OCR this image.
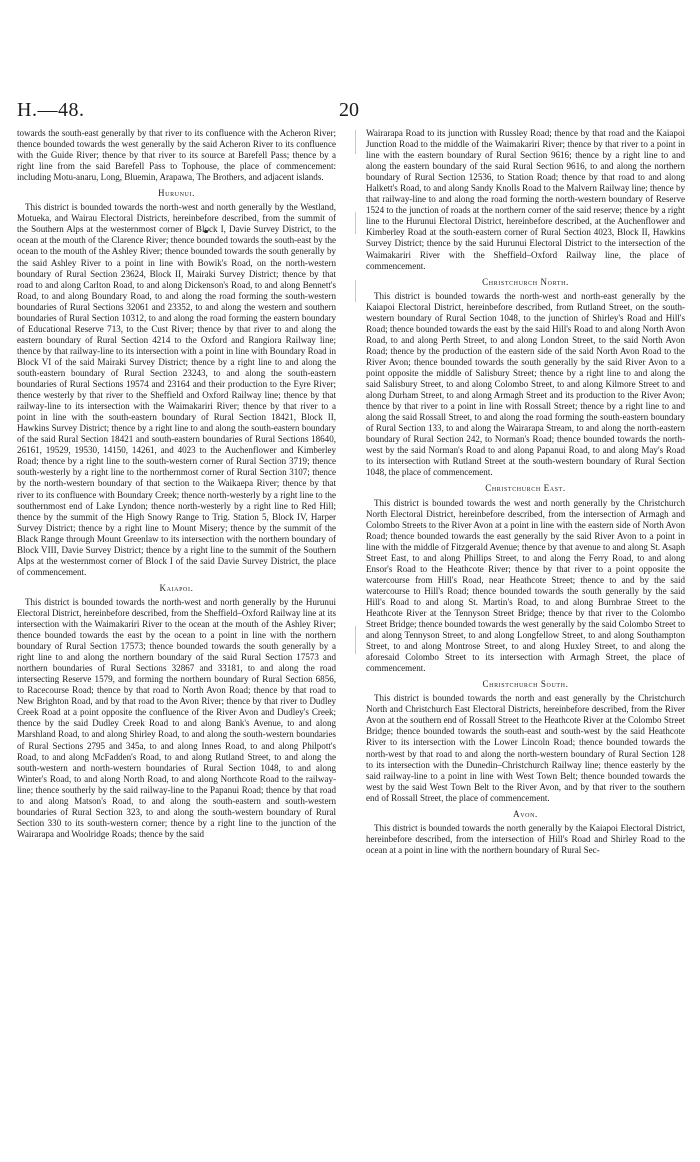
H.—48.	20

towards the south-east generally by that river to its confluence with the Acheron River; thence bounded towards the west generally by the said Acheron River to its confluence with the Guide River; thence by that river to its source at Barefell Pass; thence by a right line from the said Barefell Pass to Tophouse, the place of commencement: including Motu-anaru, Long, Bluemin, Arapawa, The Brothers, and adjacent islands.

Hurunui.

This district is bounded towards the north-west and north generally by the Westland, Motueka, and Wairau Electoral Districts, hereinbefore described, from the summit of the Southern Alps at the westernmost corner of Block I, Davie Survey District, to the ocean at the mouth of the Clarence River; thence bounded towards the south-east by the ocean to the mouth of the Ashley River; thence bounded towards the south generally by the said Ashley River to a point in line with Bowik's Road, on the north-western boundary of Rural Section 23624, Block II, Mairaki Survey District; thence by that road to and along Carlton Road, to and along Dickenson's Road, to and along Bennett's Road, to and along Boundary Road, to and along the road forming the south-western boundaries of Rural Sections 32061 and 23352, to and along the western and southern boundaries of Rural Section 10312, to and along the road forming the eastern boundary of Educational Reserve 713, to the Cust River; thence by that river to and along the eastern boundary of Rural Section 4214 to the Oxford and Rangiora Railway line; thence by that railway-line to its intersection with a point in line with Boundary Road in Block VI of the said Mairaki Survey District; thence by a right line to and along the south-eastern boundary of Rural Section 23243, to and along the south-eastern boundaries of Rural Sections 19574 and 23164 and their production to the Eyre River; thence westerly by that river to the Sheffield and Oxford Railway line; thence by that railway-line to its intersection with the Waimakariri River; thence by that river to a point in line with the south-eastern boundary of Rural Section 18421, Block II, Hawkins Survey District; thence by a right line to and along the south-eastern boundary of the said Rural Section 18421 and south-eastern boundaries of Rural Sections 18640, 26161, 19529, 19530, 14150, 14261, and 4023 to the Auchenflower and Kimberley Road; thence by a right line to the south-western corner of Rural Section 3719; thence south-westerly by a right line to the northernmost corner of Rural Section 3107; thence by the north-western boundary of that section to the Waikaepa River; thence by that river to its confluence with Boundary Creek; thence north-westerly by a right line to the southernmost end of Lake Lyndon; thence north-westerly by a right line to Red Hill; thence by the summit of the High Snowy Range to Trig. Station 5, Block IV, Harper Survey District; thence by a right line to Mount Misery; thence by the summit of the Black Range through Mount Greenlaw to its intersection with the northern boundary of Block VIII, Davie Survey District; thence by a right line to the summit of the Southern Alps at the westernmost corner of Block I of the said Davie Survey District, the place of commencement.

Kaiapoi.

This district is bounded towards the north-west and north generally by the Hurunui Electoral District, hereinbefore described, from the Sheffield–Oxford Railway line at its intersection with the Waimakariri River to the ocean at the mouth of the Ashley River; thence bounded towards the east by the ocean to a point in line with the northern boundary of Rural Section 17573; thence bounded towards the south generally by a right line to and along the northern boundary of the said Rural Section 17573 and northern boundaries of Rural Sections 32867 and 33181, to and along the road intersecting Reserve 1579, and forming the northern boundary of Rural Section 6856, to Racecourse Road; thence by that road to North Avon Road; thence by that road to New Brighton Road, and by that road to the Avon River; thence by that river to Dudley Creek Road at a point opposite the confluence of the River Avon and Dudley's Creek; thence by the said Dudley Creek Road to and along Bank's Avenue, to and along Marshland Road, to and along Shirley Road, to and along the south-western boundaries of Rural Sections 2795 and 345a, to and along Innes Road, to and along Philpott's Road, to and along McFadden's Road, to and along Rutland Street, to and along the south-western and north-western boundaries of Rural Section 1048, to and along Winter's Road, to and along North Road, to and along Northcote Road to the railway-line; thence southerly by the said railway-line to the Papanui Road; thence by that road to and along Matson's Road, to and along the south-eastern and south-western boundaries of Rural Section 323, to and along the south-western boundary of Rural Section 330 to its south-western corner; thence by a right line to the junction of the Wairarapa and Woolridge Roads; thence by the said

Wairarapa Road to its junction with Russley Road; thence by that road and the Kaiapoi Junction Road to the middle of the Waimakariri River; thence by that river to a point in line with the eastern boundary of Rural Section 9616; thence by a right line to and along the eastern boundary of the said Rural Section 9616, to and along the northern boundary of Rural Section 12536, to Station Road; thence by that road to and along Halkett's Road, to and along Sandy Knolls Road to the Malvern Railway line; thence by that railway-line to and along the road forming the north-western boundary of Reserve 1524 to the junction of roads at the northern corner of the said reserve; thence by a right line to the Hurunui Electoral District, hereinbefore described, at the Auchenflower and Kimberley Road at the south-eastern corner of Rural Section 4023, Block II, Hawkins Survey District; thence by the said Hurunui Electoral District to the intersection of the Waimakariri River with the Sheffield–Oxford Railway line, the place of commencement.

Christchurch North.

This district is bounded towards the north-west and north-east generally by the Kaiapoi Electoral District, hereinbefore described, from Rutland Street, on the south-western boundary of Rural Section 1048, to the junction of Shirley's Road and Hill's Road; thence bounded towards the east by the said Hill's Road to and along North Avon Road, to and along Perth Street, to and along London Street, to the said North Avon Road; thence by the production of the eastern side of the said North Avon Road to the River Avon; thence bounded towards the south generally by the said River Avon to a point opposite the middle of Salisbury Street; thence by a right line to and along the said Salisbury Street, to and along Colombo Street, to and along Kilmore Street to and along Durham Street, to and along Armagh Street and its production to the River Avon; thence by that river to a point in line with Rossall Street; thence by a right line to and along the said Rossall Street, to and along the road forming the south-eastern boundary of Rural Section 133, to and along the Wairarapa Stream, to and along the north-eastern boundary of Rural Section 242, to Norman's Road; thence bounded towards the north-west by the said Norman's Road to and along Papanui Road, to and along May's Road to its intersection with Rutland Street at the south-western boundary of Rural Section 1048, the place of commencement.

Christchurch East.

This district is bounded towards the west and north generally by the Christchurch North Electoral District, hereinbefore described, from the intersection of Armagh and Colombo Streets to the River Avon at a point in line with the eastern side of North Avon Road; thence bounded towards the east generally by the said River Avon to a point in line with the middle of Fitzgerald Avenue; thence by that avenue to and along St. Asaph Street East, to and along Phillips Street, to and along the Ferry Road, to and along Ensor's Road to the Heathcote River; thence by that river to a point opposite the watercourse from Hill's Road, near Heathcote Street; thence to and by the said watercourse to Hill's Road; thence bounded towards the south generally by the said Hill's Road to and along St. Martin's Road, to and along Burnbrae Street to the Heathcote River at the Tennyson Street Bridge; thence by that river to the Colombo Street Bridge; thence bounded towards the west generally by the said Colombo Street to and along Tennyson Street, to and along Longfellow Street, to and along Southampton Street, to and along Montrose Street, to and along Huxley Street, to and along the aforesaid Colombo Street to its intersection with Armagh Street, the place of commencement.

Christchurch South.

This district is bounded towards the north and east generally by the Christchurch North and Christchurch East Electoral Districts, hereinbefore described, from the River Avon at the southern end of Rossall Street to the Heathcote River at the Colombo Street Bridge; thence bounded towards the south-east and south-west by the said Heathcote River to its intersection with the Lower Lincoln Road; thence bounded towards the north-west by that road to and along the north-western boundary of Rural Section 128 to its intersection with the Dunedin–Christchurch Railway line; thence easterly by the said railway-line to a point in line with West Town Belt; thence bounded towards the west by the said West Town Belt to the River Avon, and by that river to the southern end of Rossall Street, the place of commencement.

Avon.

This district is bounded towards the north generally by the Kaiapoi Electoral District, hereinbefore described, from the intersection of Hill's Road and Shirley Road to the ocean at a point in line with the northern boundary of Rural Sec-
